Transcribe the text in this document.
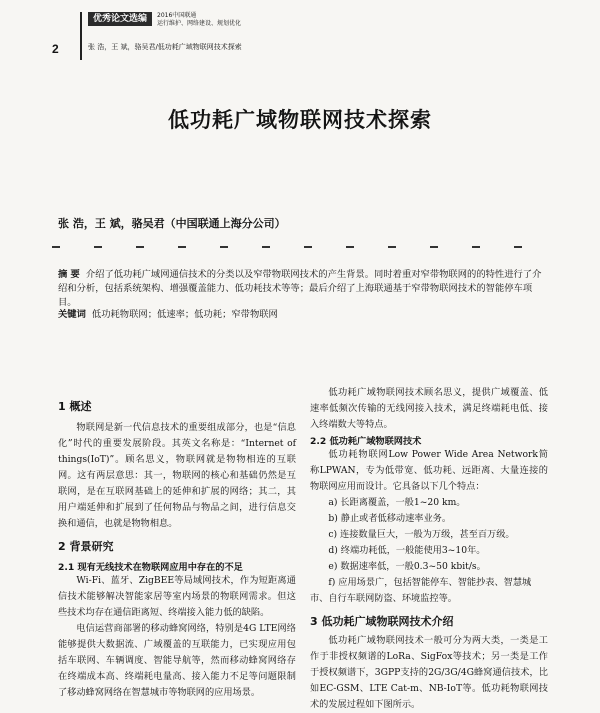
2
优秀论文选编	2016中国联通
运行维护、网络建设、规划优化
张 浩，王 斌，骆吴君/低功耗广域物联网技术探索
低功耗广域物联网技术探索
张 浩，王 斌，骆吴君（中国联通上海分公司）
摘 要 介绍了低功耗广域网通信技术的分类以及窄带物联网技术的产生背景。同时着重对窄带物联网的的特性进行了介绍和分析，包括系统架构、增强覆盖能力、低功耗技术等等；最后介绍了上海联通基于窄带物联网技术的智能停车项目。
关键词 低功耗物联网；低速率；低功耗；窄带物联网
1 概述

物联网是新一代信息技术的重要组成部分，也是“信息化”时代的重要发展阶段。其英文名称是：“Internet of things(IoT)”。顾名思义，物联网就是物物相连的互联网。这有两层意思：其一，物联网的核心和基础仍然是互联网，是在互联网基础上的延伸和扩展的网络；其二，其用户端延伸和扩展到了任何物品与物品之间，进行信息交换和通信，也就是物物相息。

2 背景研究
2.1 现有无线技术在物联网应用中存在的不足

Wi-Fi、蓝牙、ZigBEE等局域网技术，作为短距离通信技术能够解决智能家居等室内场景的物联网需求。但这些技术均存在通信距离短、终端接入能力低的缺陷。

电信运营商部署的移动蜂窝网络，特别是4G LTE网络能够提供大数据流、广域覆盖的互联能力，已实现应用包括车联网、车辆调度、智能导航等，然而移动蜂窝网络存在终端成本高、终端耗电量高、接入能力不足等问题限制了移动蜂窝网络在智慧城市等物联网的应用场景。

低功耗广域物联网技术顾名思义，提供广域覆盖、低速率低频次传输的无线网接入技术，满足终端耗电低、接入终端数大等特点。

2.2 低功耗广域物联网技术

低功耗物联网Low Power Wide Area Network简称LPWAN，专为低带宽、低功耗、远距离、大量连接的物联网应用而设计。它具备以下几个特点：

a) 长距离覆盖，一般1~20 km。
b) 静止或者低移动速率业务。
c) 连接数量巨大，一般为万级，甚至百万级。
d) 终端功耗低，一般能使用3~10年。
e) 数据速率低，一般0.3~50 kbit/s。
f) 应用场景广，包括智能停车、智能抄表、智慧城市、自行车联网防盗、环境监控等。
3 低功耗广域物联网技术介绍

低功耗广域物联网技术一般可分为两大类，一类是工作于非授权频谱的LoRa、SigFox等技术；另一类是工作于授权频谱下，3GPP支持的2G/3G/4G蜂窝通信技术，比如EC-GSM、LTE Cat-m、NB-IoT等。低功耗物联网技术的发展过程如下图所示。
